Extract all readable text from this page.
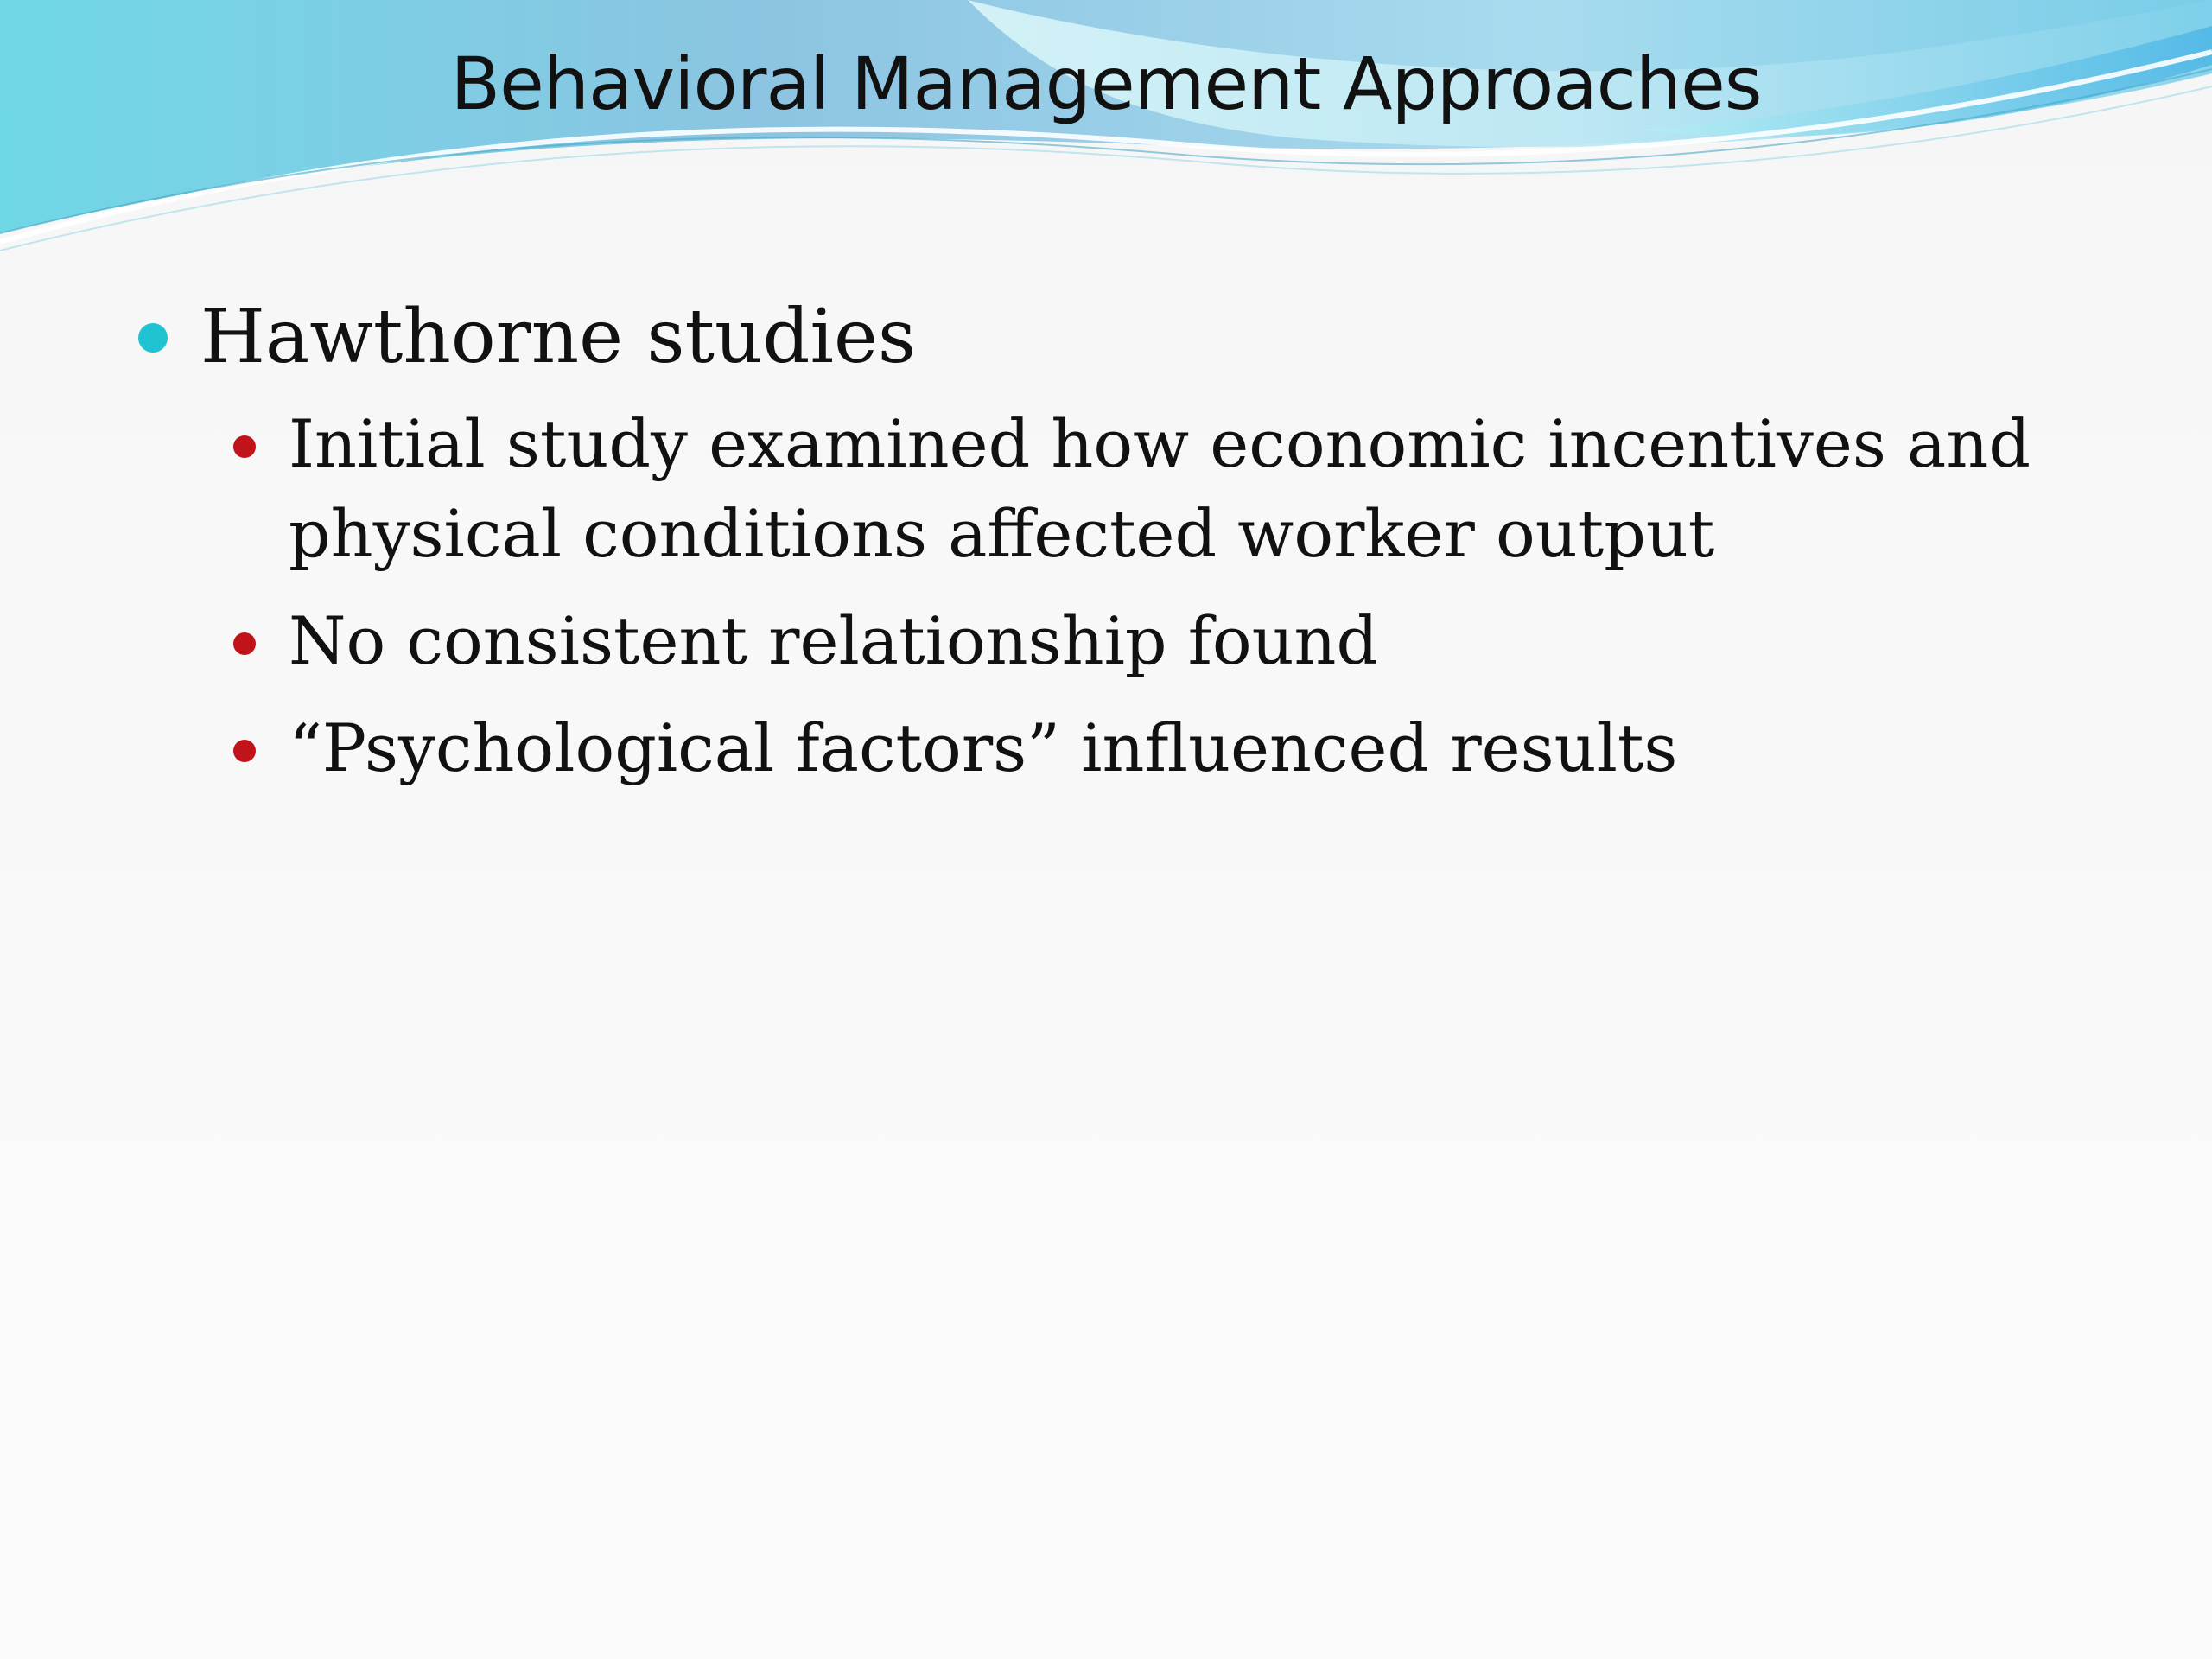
Behavioral Management Approaches
Hawthorne studies
Initial study examined how economic incentives and physical conditions affected worker output
No consistent relationship found
“Psychological factors” influenced results
